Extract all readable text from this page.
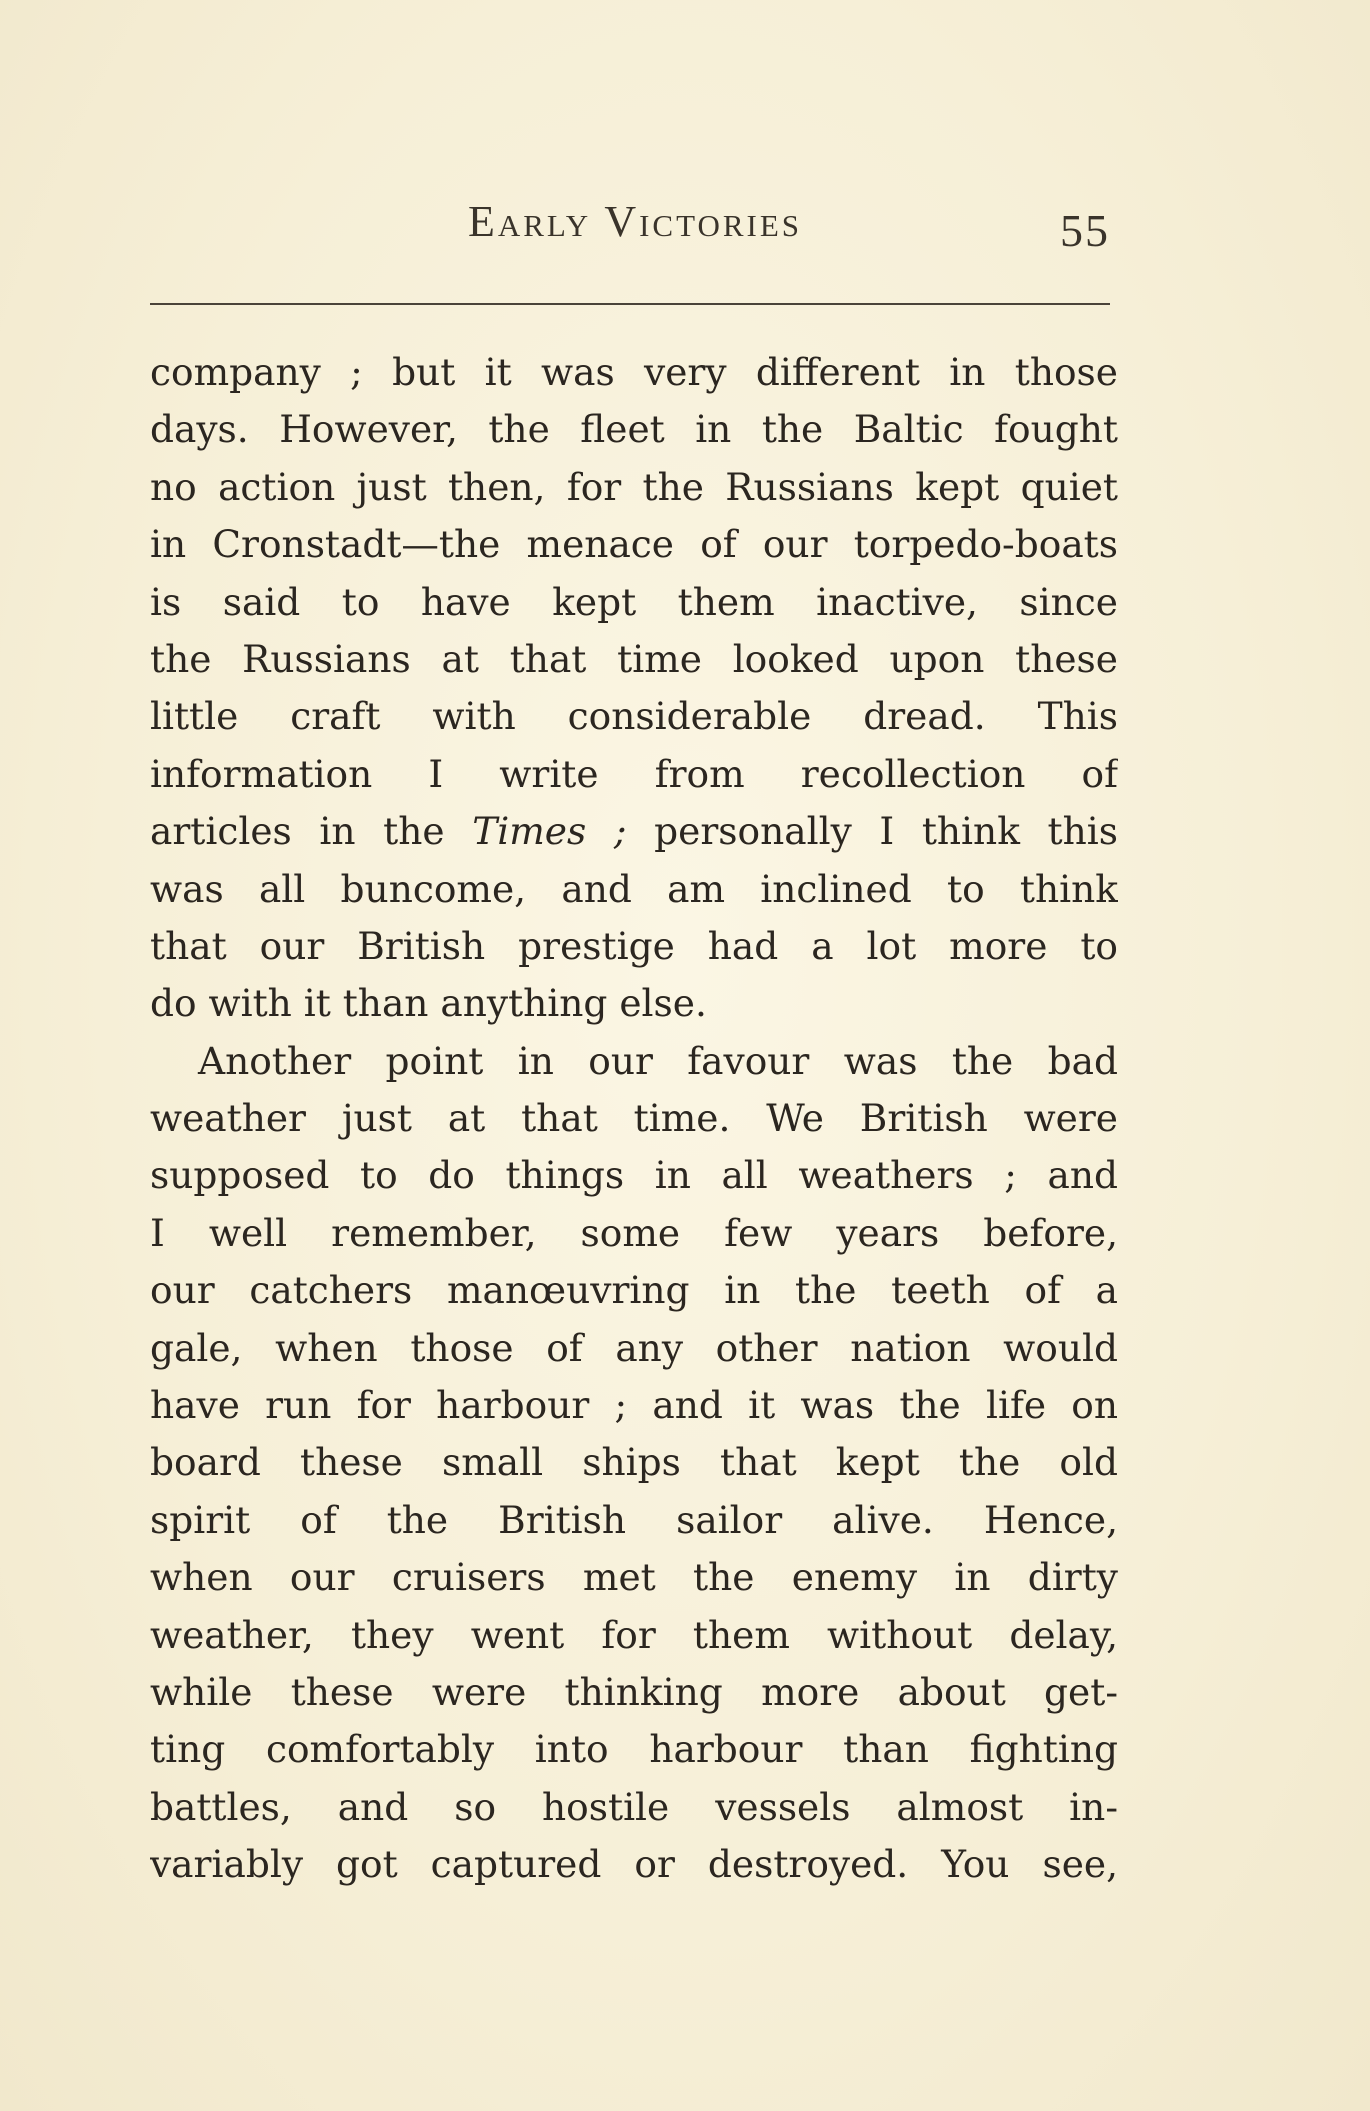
Early Victories	55
company ; but it was very different in those
days. However, the fleet in the Baltic fought
no action just then, for the Russians kept quiet
in Cronstadt—the menace of our torpedo-boats
is said to have kept them inactive, since
the Russians at that time looked upon these
little craft with considerable dread. This
information I write from recollection of
articles in the Times ; personally I think this
was all buncome, and am inclined to think
that our British prestige had a lot more to
do with it than anything else.
Another point in our favour was the bad
weather just at that time. We British were
supposed to do things in all weathers ; and
I well remember, some few years before,
our catchers manœuvring in the teeth of a
gale, when those of any other nation would
have run for harbour ; and it was the life on
board these small ships that kept the old
spirit of the British sailor alive. Hence,
when our cruisers met the enemy in dirty
weather, they went for them without delay,
while these were thinking more about get-
ting comfortably into harbour than fighting
battles, and so hostile vessels almost in-
variably got captured or destroyed. You see,
